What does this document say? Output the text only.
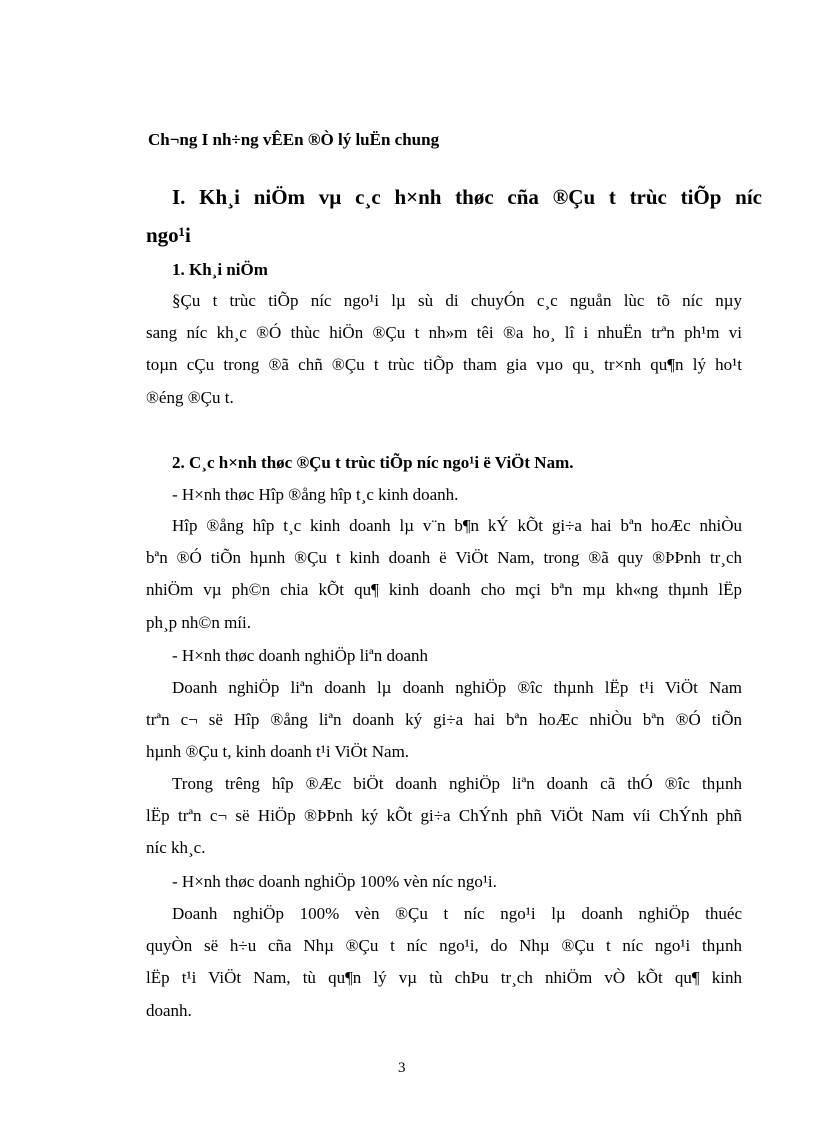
Ch¬ng I nh÷ng vÊEn ®Ò lý luËn chung
I. Kh¸i niÖm vµ c¸c h×nh thøc cña ®Çu t trùc tiÕp níc
ngo¹i
1. Kh¸i niÖm
§Çu t trùc tiÕp níc ngo¹i lµ sù di chuyÓn c¸c nguån lùc tõ níc nµy
sang níc kh¸c ®Ó thùc hiÖn ®Çu t nh»m têi ®a ho¸ lî i nhuËn trªn ph¹m vi
toµn cÇu trong ®ã chñ ®Çu t trùc tiÕp tham gia vµo qu¸ tr×nh qu¶n lý ho¹t
®éng ®Çu t.
2. C¸c h×nh thøc ®Çu t trùc tiÕp níc ngo¹i ë ViÖt Nam.
- H×nh thøc Hîp ®ång hîp t¸c kinh doanh.
Hîp ®ång hîp t¸c kinh doanh lµ v¨n b¶n kÝ kÕt gi÷a hai bªn hoÆc nhiÒu
bªn ®Ó tiÕn hµnh ®Çu t kinh doanh ë ViÖt Nam, trong ®ã quy ®ÞÞnh tr¸ch
nhiÖm vµ ph©n chia kÕt qu¶ kinh doanh cho mçi bªn mµ kh«ng thµnh lËp
ph¸p nh©n míi.
- H×nh thøc doanh nghiÖp liªn doanh
Doanh nghiÖp liªn doanh lµ doanh nghiÖp ®îc thµnh lËp t¹i ViÖt Nam
trªn c¬ së Hîp ®ång liªn doanh ký gi÷a hai bªn hoÆc nhiÒu bªn ®Ó tiÕn
hµnh ®Çu t, kinh doanh t¹i ViÖt Nam.
Trong trêng hîp ®Æc biÖt doanh nghiÖp liªn doanh cã thÓ ®îc thµnh
lËp trªn c¬ së HiÖp ®ÞÞnh ký kÕt gi÷a ChÝnh phñ ViÖt Nam víi ChÝnh phñ
níc kh¸c.
- H×nh thøc doanh nghiÖp 100% vèn níc ngo¹i.
Doanh nghiÖp 100% vèn ®Çu t níc ngo¹i lµ doanh nghiÖp thuéc
quyÒn së h÷u cña Nhµ ®Çu t níc ngo¹i, do Nhµ ®Çu t níc ngo¹i thµnh
lËp t¹i ViÖt Nam, tù qu¶n lý vµ tù chÞu tr¸ch nhiÖm vÒ kÕt qu¶ kinh
doanh.
3
